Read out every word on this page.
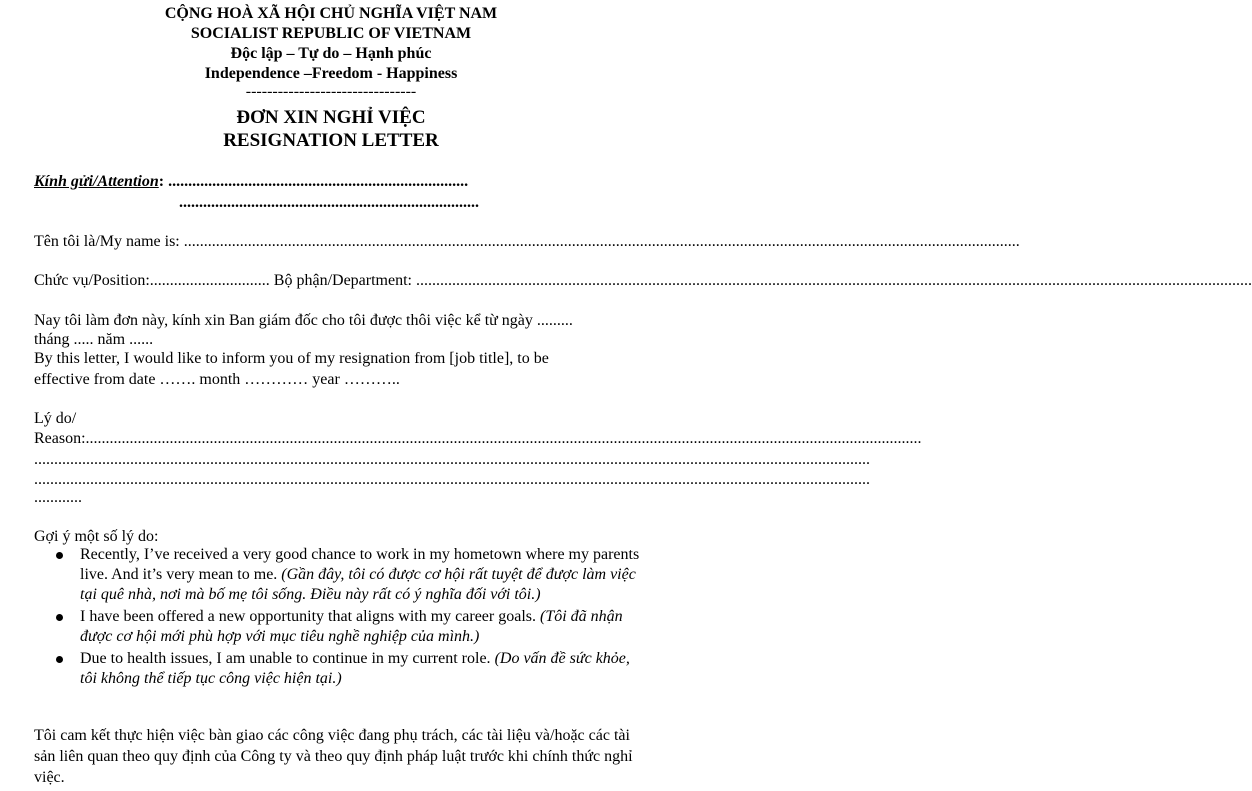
CỘNG HOÀ XÃ HỘI CHỦ NGHĨA VIỆT NAM
SOCIALIST REPUBLIC OF VIETNAM
Độc lập – Tự do – Hạnh phúc
Independence –Freedom - Happiness
--------------------------------
ĐƠN XIN NGHỈ VIỆC
RESIGNATION LETTER
Kính gửi/Attention: ...........................................................................
...........................................................................
Tên tôi là/My name is: .................................................................................................................................................................................................................
Chức vụ/Position: .............................. Bộ phận/Department: .................................................................................................................................................................................................................
Nay tôi làm đơn này, kính xin Ban giám đốc cho tôi được thôi việc kể từ ngày .........
tháng ..... năm ......
By this letter, I would like to inform you of my resignation from [job title], to be
effective from date ……. month ………… year ………..
Lý do/
Reason: .................................................................................................................................................................................................................
.................................................................................................................................................................................................................
.................................................................................................................................................................................................................
............
Gợi ý một số lý do:
Recently, I’ve received a very good chance to work in my hometown where my parents live. And it’s very mean to me. (Gần đây, tôi có được cơ hội rất tuyệt để được làm việc tại quê nhà, nơi mà bố mẹ tôi sống. Điều này rất có ý nghĩa đối với tôi.)
I have been offered a new opportunity that aligns with my career goals. (Tôi đã nhận được cơ hội mới phù hợp với mục tiêu nghề nghiệp của mình.)
Due to health issues, I am unable to continue in my current role. (Do vấn đề sức khỏe, tôi không thể tiếp tục công việc hiện tại.)
Tôi cam kết thực hiện việc bàn giao các công việc đang phụ trách, các tài liệu và/hoặc các tài sản liên quan theo quy định của Công ty và theo quy định pháp luật trước khi chính thức nghỉ việc.
